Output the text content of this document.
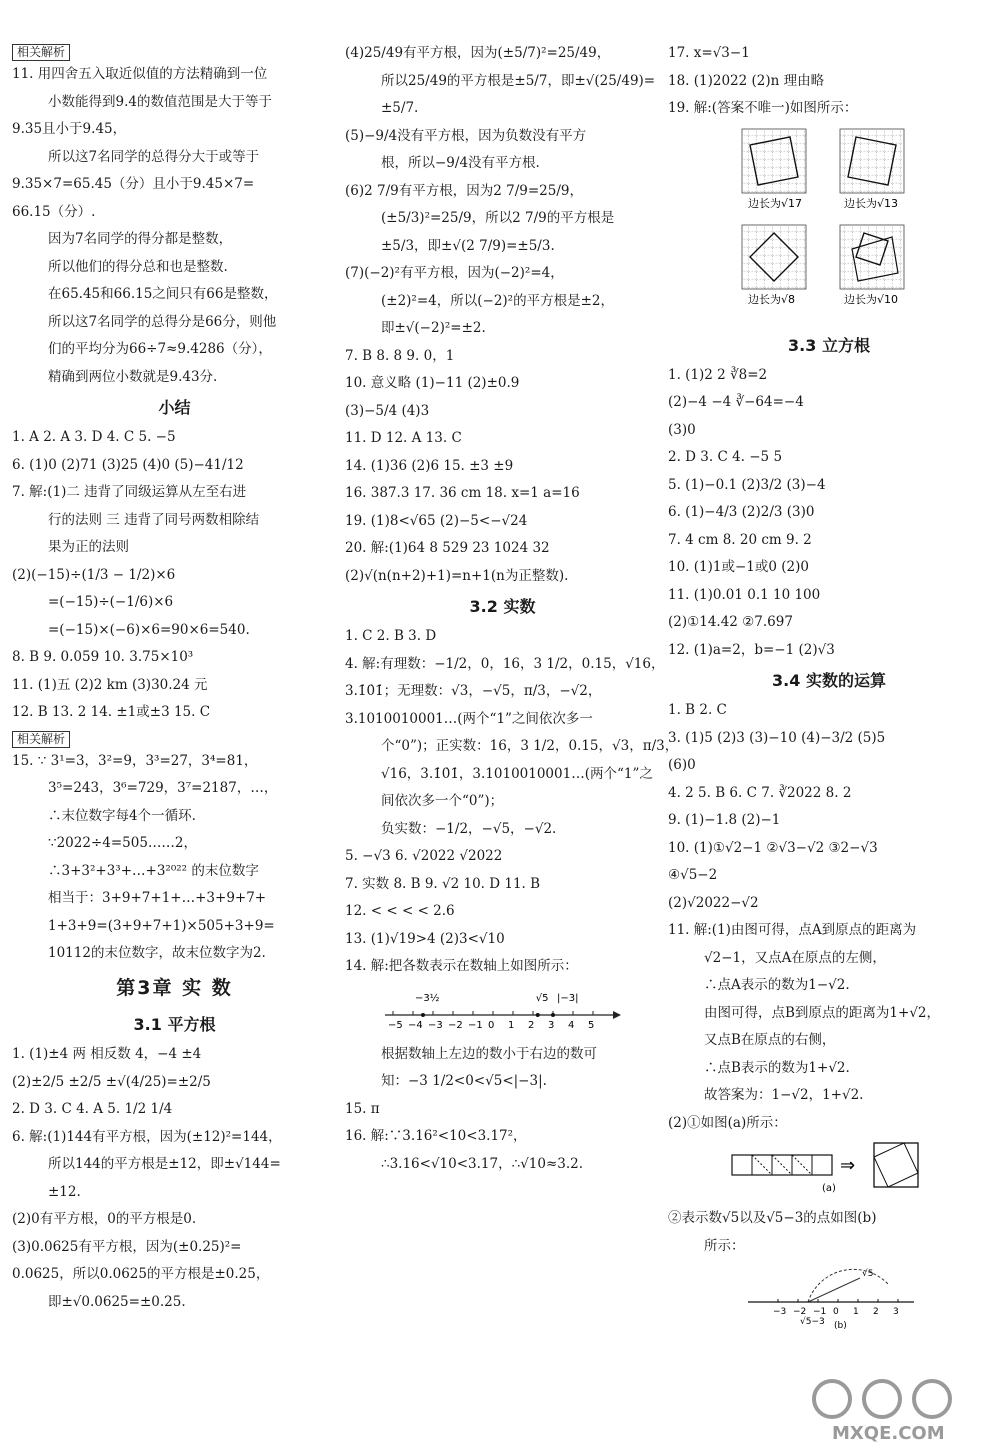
相关解析
11. 用四舍五入取近似值的方法精确到一位
小数能得到9.4的数值范围是大于等于
9.35且小于9.45，
所以这7名同学的总得分大于或等于
9.35×7=65.45（分）且小于9.45×7=
66.15（分）.
因为7名同学的得分都是整数，
所以他们的得分总和也是整数.
在65.45和66.15之间只有66是整数，
所以这7名同学的总得分是66分，则他
们的平均分为66÷7≈9.4286（分），
精确到两位小数就是9.43分.
小结
1. A 2. A 3. D 4. C 5. −5
6. (1)0 (2)71 (3)25 (4)0 (5)−41/12
7. 解:(1)二 违背了同级运算从左至右进
行的法则 三 违背了同号两数相除结
果为正的法则
(2)(−15)÷(1/3 − 1/2)×6
=(−15)÷(−1/6)×6
=(−15)×(−6)×6=90×6=540.
8. B 9. 0.059 10. 3.75×10³
11. (1)五 (2)2 km (3)30.24 元
12. B 13. 2 14. ±1或±3 15. C
相关解析
15. ∵ 3¹=3，3²=9，3³=27，3⁴=81，
3⁵=243，3⁶=729，3⁷=2187，…，
∴末位数字每4个一循环.
∵2022÷4=505……2，
∴3+3²+3³+…+3²⁰²² 的末位数字
相当于：3+9+7+1+…+3+9+7+
1+3+9=(3+9+7+1)×505+3+9=
10112的末位数字，故末位数字为2.
第3章 实 数
3.1 平方根
1. (1)±4 两 相反数 4，−4 ±4
(2)±2/5 ±2/5 ±√(4/25)=±2/5
2. D 3. C 4. A 5. 1/2 1/4
6. 解:(1)144有平方根，因为(±12)²=144，
所以144的平方根是±12，即±√144=
±12.
(2)0有平方根，0的平方根是0.
(3)0.0625有平方根，因为(±0.25)²=
0.0625，所以0.0625的平方根是±0.25，
即±√0.0625=±0.25.
(4)25/49有平方根，因为(±5/7)²=25/49，
所以25/49的平方根是±5/7，即±√(25/49)=
±5/7.
(5)−9/4没有平方根，因为负数没有平方
根，所以−9/4没有平方根.
(6)2 7/9有平方根，因为2 7/9=25/9，
(±5/3)²=25/9，所以2 7/9的平方根是
±5/3，即±√(2 7/9)=±5/3.
(7)(−2)²有平方根，因为(−2)²=4，
(±2)²=4，所以(−2)²的平方根是±2，
即±√(−2)²=±2.
7. B 8. 8 9. 0，1
10. 意义略 (1)−11 (2)±0.9
(3)−5/4 (4)3
11. D 12. A 13. C
14. (1)36 (2)6 15. ±3 ±9
16. 387.3 17. 36 cm 18. x=1 a=16
19. (1)8<√65 (2)−5<−√24
20. 解:(1)64 8 529 23 1024 32
(2)√(n(n+2)+1)=n+1(n为正整数).
3.2 实数
1. C 2. B 3. D
4. 解:有理数：−1/2，0，16，3 1/2，0.15，√16，
3.1̇0̇1̇；无理数：√3，−√5，π/3，−√2，
3.1010010001…(两个“1”之间依次多一
个“0”)；正实数：16，3 1/2，0.15，√3，π/3，
√16，3.1̇0̇1̇，3.1010010001…(两个“1”之
间依次多一个“0”)；
负实数：−1/2，−√5，−√2.
5. −√3 6. √2022 √2022
7. 实数 8. B 9. √2 10. D 11. B
12. < < < < 2.6
13. (1)√19>4 (2)3<√10
14. 解:把各数表示在数轴上如图所示：
−5 −4 −3 −2 −1 0 1 2 3 4 5
−3½	√5 |−3|
根据数轴上左边的数小于右边的数可
知：−3 1/2<0<√5<|−3|.
15. π
16. 解:∵3.16²<10<3.17²，
∴3.16<√10<3.17，∴√10≈3.2.
17. x=√3−1
18. (1)2022 (2)n 理由略
19. 解:(答案不唯一)如图所示：
边长为√17	边长为√13
边长为√8	边长为√10
3.3 立方根
1. (1)2 2 ∛8=2
(2)−4 −4 ∛−64=−4
(3)0
2. D 3. C 4. −5 5
5. (1)−0.1 (2)3/2 (3)−4
6. (1)−4/3 (2)2/3 (3)0
7. 4 cm 8. 20 cm 9. 2
10. (1)1或−1或0 (2)0
11. (1)0.01 0.1 10 100
(2)①14.42 ②7.697
12. (1)a=2，b=−1 (2)√3
3.4 实数的运算
1. B 2. C
3. (1)5 (2)3 (3)−10 (4)−3/2 (5)5
(6)0
4. 2 5. B 6. C 7. ∛2022 8. 2
9. (1)−1.8 (2)−1
10. (1)①√2−1 ②√3−√2 ③2−√3
④√5−2
(2)√2022−√2
11. 解:(1)由图可得，点A到原点的距离为
√2−1，又点A在原点的左侧，
∴点A表示的数为1−√2.
由图可得，点B到原点的距离为1+√2，
又点B在原点的右侧，
∴点B表示的数为1+√2.
故答案为：1−√2，1+√2.
(2)①如图(a)所示：
⇒
(a)
②表示数√5以及√5−3的点如图(b)
所示：
−3 −2 −1 0 1 2 3
√5−3
√5
(b)
MXQE.COM
